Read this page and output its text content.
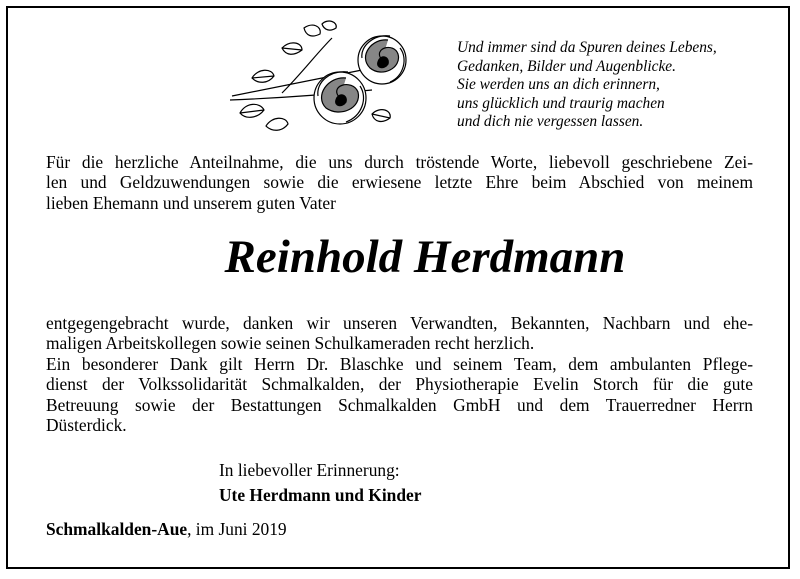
Und immer sind da Spuren deines Lebens,
Gedanken, Bilder und Augenblicke.
Sie werden uns an dich erinnern,
uns glücklich und traurig machen
und dich nie vergessen lassen.
Für die herzliche Anteilnahme, die uns durch tröstende Worte, liebevoll geschriebene Zei-
len und Geldzuwendungen sowie die erwiesene letzte Ehre beim Abschied von meinem
lieben Ehemann und unserem guten Vater
Reinhold Herdmann
entgegengebracht wurde, danken wir unseren Verwandten, Bekannten, Nachbarn und ehe-
maligen Arbeitskollegen sowie seinen Schulkameraden recht herzlich.
Ein besonderer Dank gilt Herrn Dr. Blaschke und seinem Team, dem ambulanten Pflege-
dienst der Volkssolidarität Schmalkalden, der Physiotherapie Evelin Storch für die gute
Betreuung sowie der Bestattungen Schmalkalden GmbH und dem Trauerredner Herrn
Düsterdick.
In liebevoller Erinnerung:
Ute Herdmann und Kinder
Schmalkalden-Aue, im Juni 2019
